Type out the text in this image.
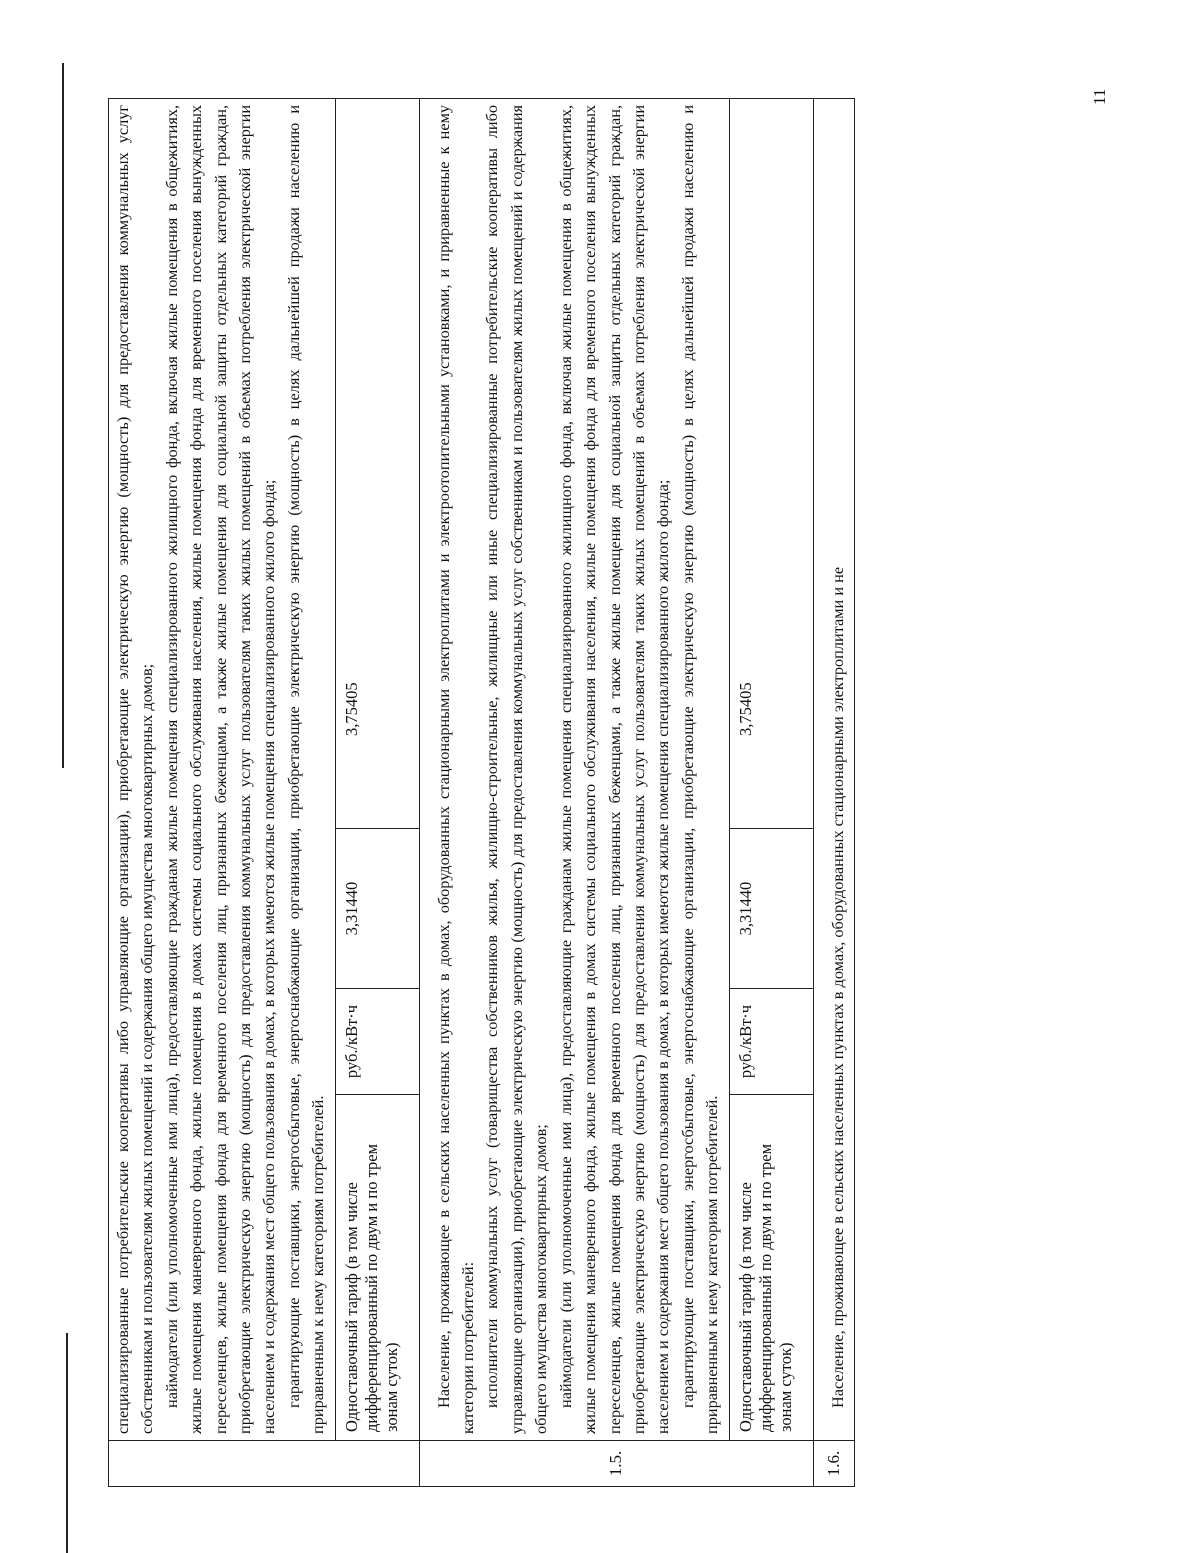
11

	специализированные потребительские кооперативы либо управляющие организации), приобретающие электрическую энергию (мощность) для предоставления коммунальных услуг собственникам и пользователям жилых помещений и содержания общего имущества многоквартирных домов; наймодатели (или уполномоченные ими лица), предоставляющие гражданам жилые помещения специализированного жилищного фонда, включая жилые помещения в общежитиях, жилые помещения маневренного фонда, жилые помещения в домах системы социального обслуживания населения, жилые помещения фонда для временного поселения вынужденных переселенцев, жилые помещения фонда для временного поселения лиц, признанных беженцами, а также жилые помещения для социальной защиты отдельных категорий граждан, приобретающие электрическую энергию (мощность) для предоставления коммунальных услуг пользователям таких жилых помещений в объемах потребления электрической энергии населением и содержания мест общего пользования в домах, в которых имеются жилые помещения специализированного жилого фонда; гарантирующие поставщики, энергосбытовые, энергоснабжающие организации, приобретающие электрическую энергию (мощность) в целях дальнейшей продажи населению и приравненным к нему категориям потребителей.			

	Одноставочный тариф (в том числе дифференцированный по двум и по трем зонам суток)	руб./кВт·ч	3,31440	3,75405
1.5.	Население, проживающее в сельских населенных пунктах в домах, оборудованных стационарными электроплитами и электроотопительными установками, и приравненные к нему категории потребителей: исполнители коммунальных услуг (товарищества собственников жилья, жилищно-строительные, жилищные или иные специализированные потребительские кооперативы либо управляющие организации), приобретающие электрическую энергию (мощность) для предоставления коммунальных услуг собственникам и пользователям жилых помещений и содержания общего имущества многоквартирных домов; наймодатели (или уполномоченные ими лица), предоставляющие гражданам жилые помещения специализированного жилищного фонда, включая жилые помещения в общежитиях, жилые помещения маневренного фонда, жилые помещения в домах системы социального обслуживания населения, жилые помещения фонда для временного поселения вынужденных переселенцев, жилые помещения фонда для временного поселения лиц, признанных беженцами, а также жилые помещения для социальной защиты отдельных категорий граждан, приобретающие электрическую энергию (мощность) для предоставления коммунальных услуг пользователям таких жилых помещений в объемах потребления электрической энергии населением и содержания мест общего пользования в домах, в которых имеются жилые помещения специализированного жилого фонда; гарантирующие поставщики, энергосбытовые, энергоснабжающие организации, приобретающие электрическую энергию (мощность) в целях дальнейшей продажи населению и приравненным к нему категориям потребителей.			

	Одноставочный тариф (в том числе дифференцированный по двум и по трем зонам суток)	руб./кВт·ч	3,31440	3,75405
1.6.	Население, проживающее в сельских населенных пунктах в домах, оборудованных стационарными электроплитами и не			
